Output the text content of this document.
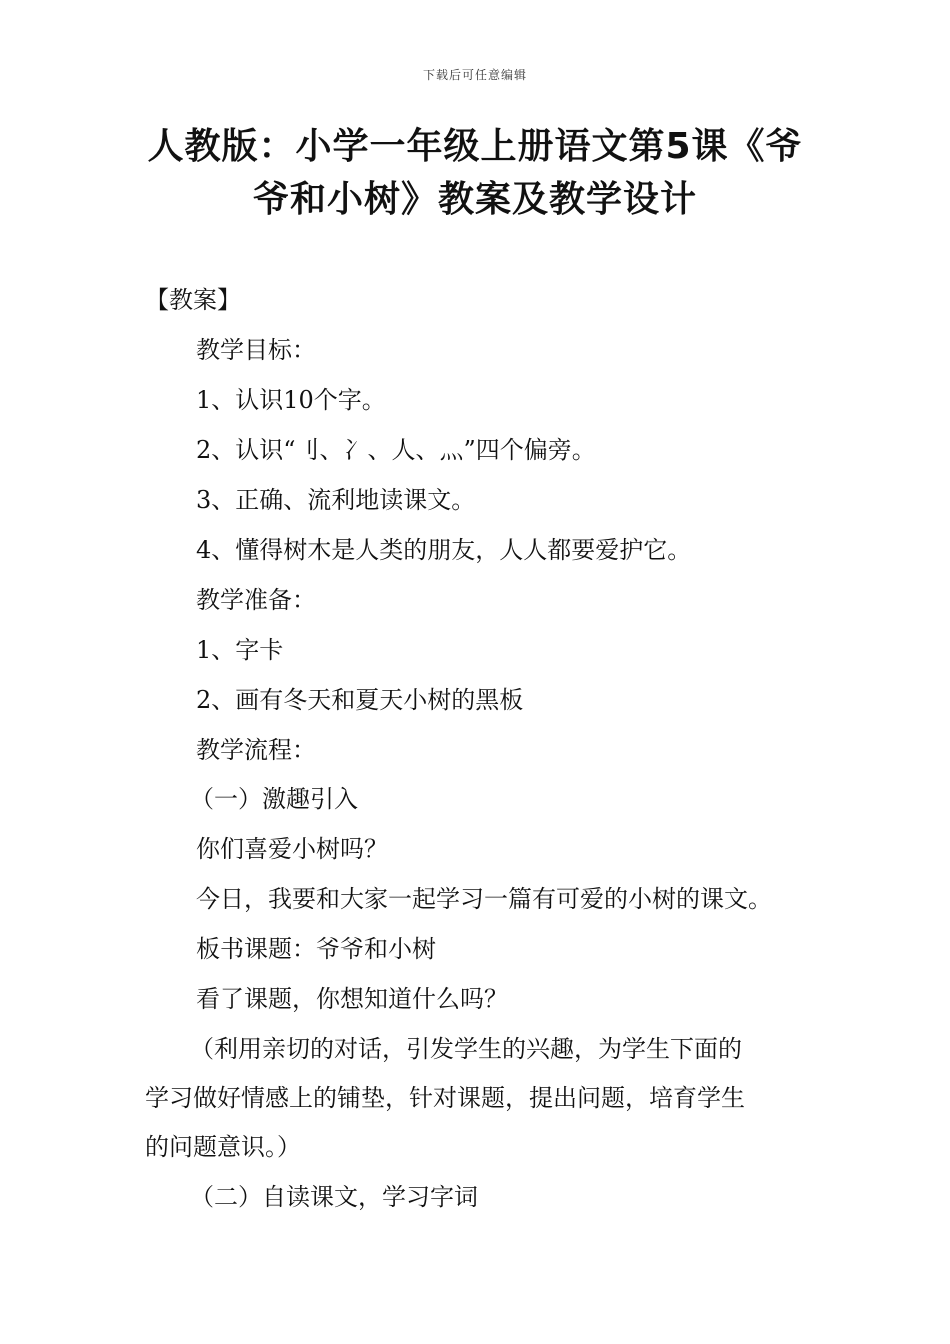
下载后可任意编辑
人教版：小学一年级上册语文第5课《爷
爷和小树》教案及教学设计
【教案】
教学目标：
1、认识10个字。
2、认识“刂、冫、人、灬”四个偏旁。
3、正确、流利地读课文。
4、懂得树木是人类的朋友，人人都要爱护它。
教学准备：
1、字卡
2、画有冬天和夏天小树的黑板
教学流程：
（一）激趣引入
你们喜爱小树吗？
今日，我要和大家一起学习一篇有可爱的小树的课文。
板书课题：爷爷和小树
看了课题，你想知道什么吗？
（利用亲切的对话，引发学生的兴趣，为学生下面的
学习做好情感上的铺垫，针对课题，提出问题，培育学生
的问题意识。）
（二）自读课文，学习字词
